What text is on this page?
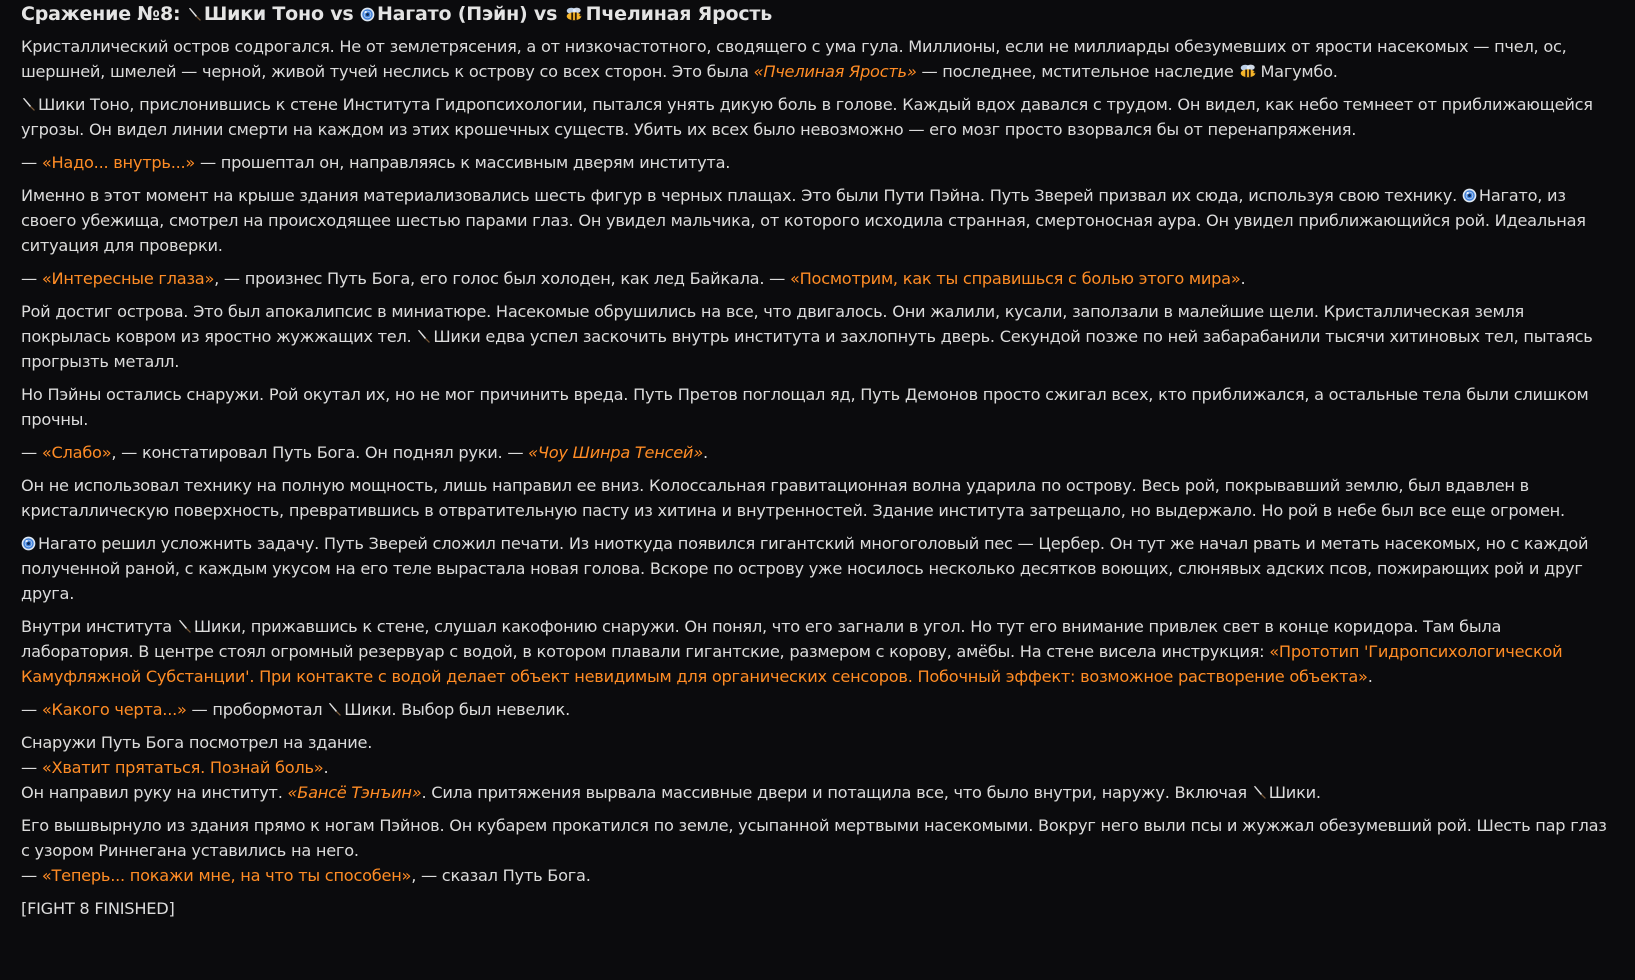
Сражение №8: Шики Тоно vs Нагато (Пэйн) vs Пчелиная Ярость

Кристаллический остров содрогался. Не от землетрясения, а от низкочастотного, сводящего с ума гула. Миллионы, если не миллиарды обезумевших от ярости насекомых — пчел, ос, шершней, шмелей — черной, живой тучей неслись к острову со всех сторон. Это была «Пчелиная Ярость» — последнее, мстительное наследие Магумбо.

Шики Тоно, прислонившись к стене Института Гидропсихологии, пытался унять дикую боль в голове. Каждый вдох давался с трудом. Он видел, как небо темнеет от приближающейся угрозы. Он видел линии смерти на каждом из этих крошечных существ. Убить их всех было невозможно — его мозг просто взорвался бы от перенапряжения.

— «Надо... внутрь...» — прошептал он, направляясь к массивным дверям института.

Именно в этот момент на крыше здания материализовались шесть фигур в черных плащах. Это были Пути Пэйна. Путь Зверей призвал их сюда, используя свою технику. Нагато, из своего убежища, смотрел на происходящее шестью парами глаз. Он увидел мальчика, от которого исходила странная, смертоносная аура. Он увидел приближающийся рой. Идеальная ситуация для проверки.

— «Интересные глаза», — произнес Путь Бога, его голос был холоден, как лед Байкала. — «Посмотрим, как ты справишься с болью этого мира».

Рой достиг острова. Это был апокалипсис в миниатюре. Насекомые обрушились на все, что двигалось. Они жалили, кусали, заползали в малейшие щели. Кристаллическая земля покрылась ковром из яростно жужжащих тел. Шики едва успел заскочить внутрь института и захлопнуть дверь. Секундой позже по ней забарабанили тысячи хитиновых тел, пытаясь прогрызть металл.

Но Пэйны остались снаружи. Рой окутал их, но не мог причинить вреда. Путь Претов поглощал яд, Путь Демонов просто сжигал всех, кто приближался, а остальные тела были слишком прочны.

— «Слабо», — констатировал Путь Бога. Он поднял руки. — «Чоу Шинра Тенсей».

Он не использовал технику на полную мощность, лишь направил ее вниз. Колоссальная гравитационная волна ударила по острову. Весь рой, покрывавший землю, был вдавлен в кристаллическую поверхность, превратившись в отвратительную пасту из хитина и внутренностей. Здание института затрещало, но выдержало. Но рой в небе был все еще огромен.

Нагато решил усложнить задачу. Путь Зверей сложил печати. Из ниоткуда появился гигантский многоголовый пес — Цербер. Он тут же начал рвать и метать насекомых, но с каждой полученной раной, с каждым укусом на его теле вырастала новая голова. Вскоре по острову уже носилось несколько десятков воющих, слюнявых адских псов, пожирающих рой и друг друга.

Внутри института Шики, прижавшись к стене, слушал какофонию снаружи. Он понял, что его загнали в угол. Но тут его внимание привлек свет в конце коридора. Там была лаборатория. В центре стоял огромный резервуар с водой, в котором плавали гигантские, размером с корову, амёбы. На стене висела инструкция: «Прототип 'Гидропсихологической Камуфляжной Субстанции'. При контакте с водой делает объект невидимым для органических сенсоров. Побочный эффект: возможное растворение объекта».

— «Какого черта...» — пробормотал Шики. Выбор был невелик.

Снаружи Путь Бога посмотрел на здание.
— «Хватит прятаться. Познай боль».
Он направил руку на институт. «Бансё Тэнъин». Сила притяжения вырвала массивные двери и потащила все, что было внутри, наружу. Включая Шики.

Его вышвырнуло из здания прямо к ногам Пэйнов. Он кубарем прокатился по земле, усыпанной мертвыми насекомыми. Вокруг него выли псы и жужжал обезумевший рой. Шесть пар глаз с узором Риннегана уставились на него.
— «Теперь... покажи мне, на что ты способен», — сказал Путь Бога.

[FIGHT 8 FINISHED]
